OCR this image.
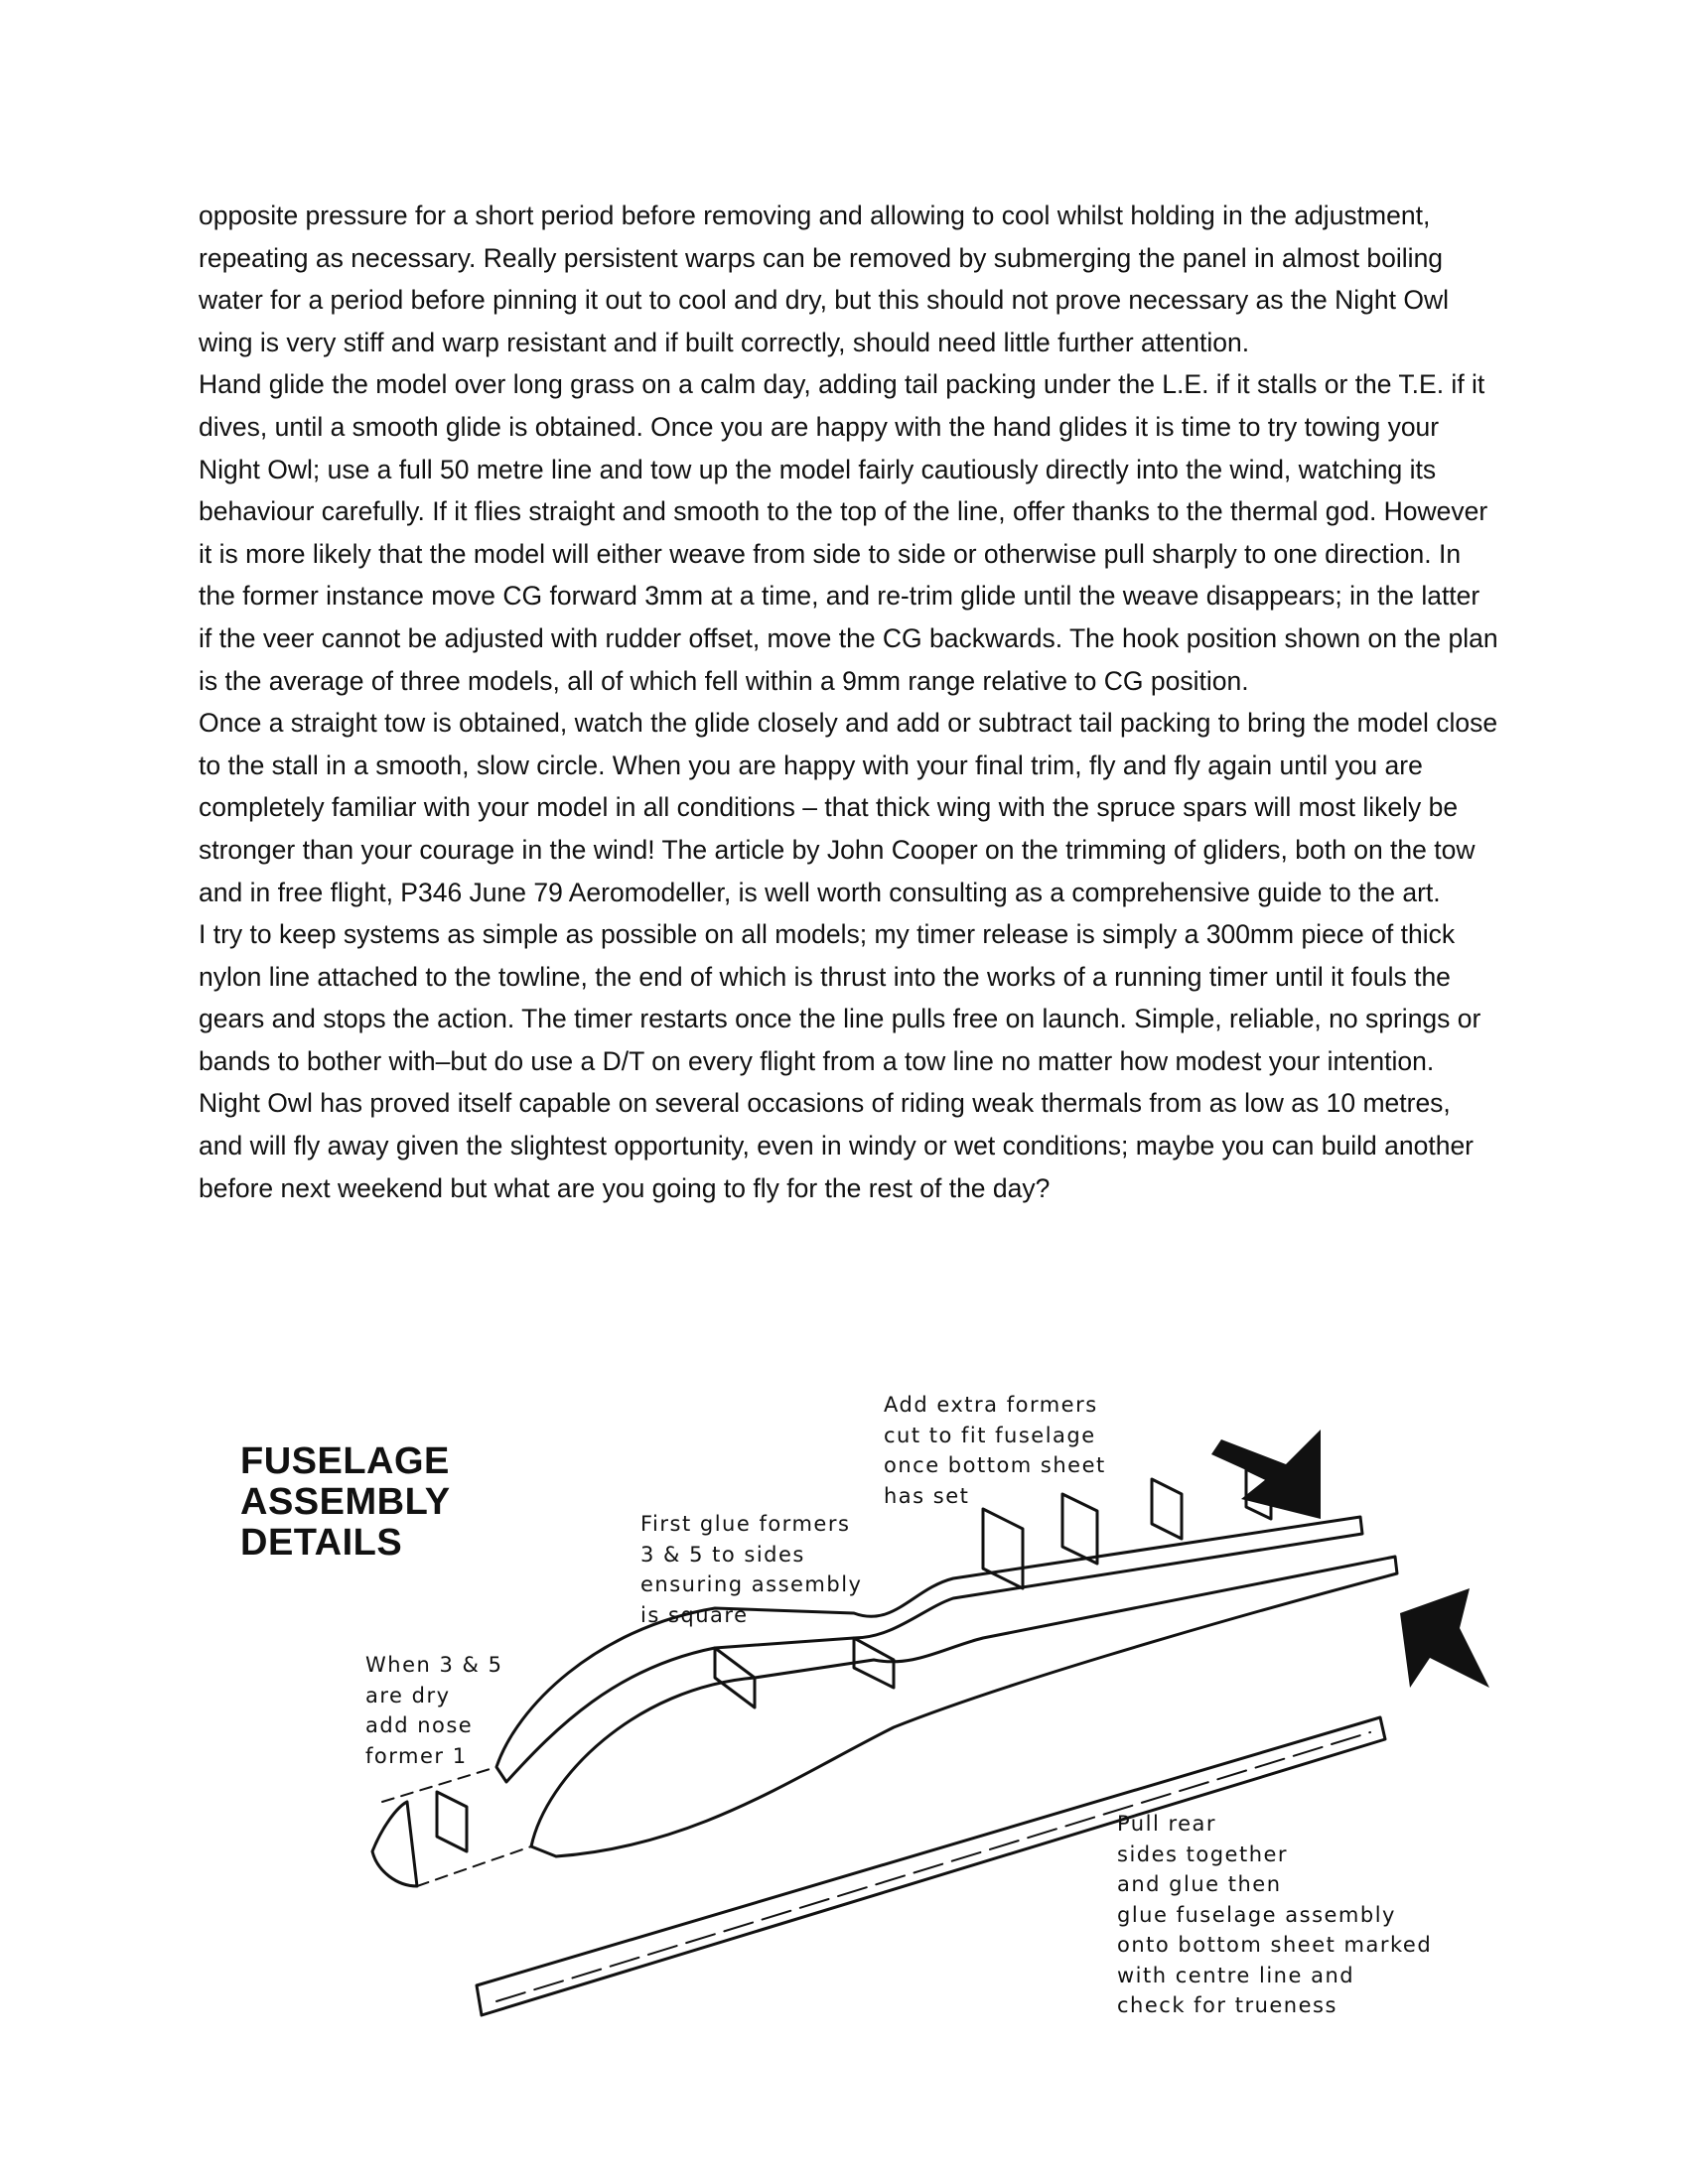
opposite pressure for a short period before removing and allowing to cool whilst holding in the adjustment, repeating as necessary. Really persistent warps can be removed by submerging the panel in almost boiling water for a period before pinning it out to cool and dry, but this should not prove necessary as the Night Owl wing is very stiff and warp resistant and if built correctly, should need little further attention.

Hand glide the model over long grass on a calm day, adding tail packing under the L.E. if it stalls or the T.E. if it dives, until a smooth glide is obtained. Once you are happy with the hand glides it is time to try towing your Night Owl; use a full 50 metre line and tow up the model fairly cautiously directly into the wind, watching its behaviour carefully. If it flies straight and smooth to the top of the line, offer thanks to the thermal god. However it is more likely that the model will either weave from side to side or otherwise pull sharply to one direction. In the former instance move CG forward 3mm at a time, and re-trim glide until the weave disappears; in the latter if the veer cannot be adjusted with rudder offset, move the CG backwards. The hook position shown on the plan is the average of three models, all of which fell within a 9mm range relative to CG position.

Once a straight tow is obtained, watch the glide closely and add or subtract tail packing to bring the model close to the stall in a smooth, slow circle. When you are happy with your final trim, fly and fly again until you are completely familiar with your model in all conditions – that thick wing with the spruce spars will most likely be stronger than your courage in the wind! The article by John Cooper on the trimming of gliders, both on the tow and in free flight, P346 June 79 Aeromodeller, is well worth consulting as a comprehensive guide to the art.

I try to keep systems as simple as possible on all models; my timer release is simply a 300mm piece of thick nylon line attached to the towline, the end of which is thrust into the works of a running timer until it fouls the gears and stops the action. The timer restarts once the line pulls free on launch. Simple, reliable, no springs or bands to bother with–but do use a D/T on every flight from a tow line no matter how modest your intention. Night Owl has proved itself capable on several occasions of riding weak thermals from as low as 10 metres, and will fly away given the slightest opportunity, even in windy or wet conditions; maybe you can build another before next weekend but what are you going to fly for the rest of the day?

FUSELAGE
ASSEMBLY
DETAILS
Add extra formers
cut to fit fuselage
once bottom sheet
has set
First glue formers
3 & 5 to sides
ensuring assembly
is square
When 3 & 5
are dry
add nose
former 1
Pull rear
sides together
and glue then
glue fuselage assembly
onto bottom sheet marked
with centre line and
check for trueness
